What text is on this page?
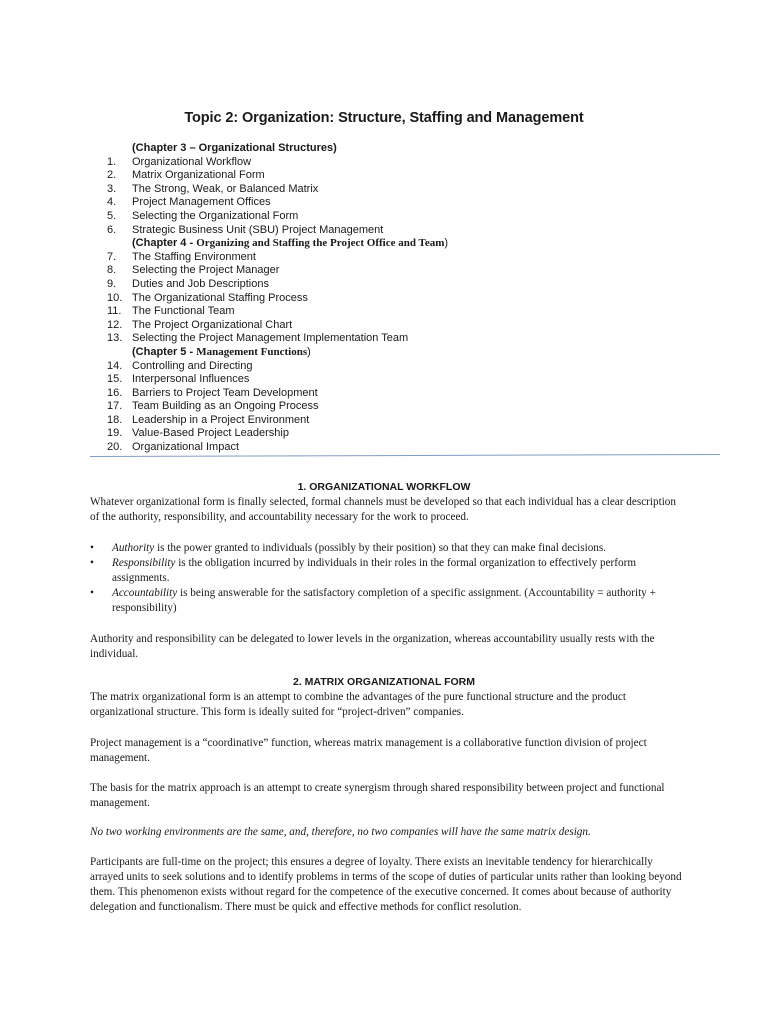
Topic 2: Organization: Structure, Staffing and Management
(Chapter 3 – Organizational Structures)
1. Organizational Workflow
2. Matrix Organizational Form
3. The Strong, Weak, or Balanced Matrix
4. Project Management Offices
5. Selecting the Organizational Form
6. Strategic Business Unit (SBU) Project Management
(Chapter 4 - Organizing and Staffing the Project Office and Team)
7. The Staffing Environment
8. Selecting the Project Manager
9. Duties and Job Descriptions
10. The Organizational Staffing Process
11. The Functional Team
12. The Project Organizational Chart
13. Selecting the Project Management Implementation Team
(Chapter 5 - Management Functions)
14. Controlling and Directing
15. Interpersonal Influences
16. Barriers to Project Team Development
17. Team Building as an Ongoing Process
18. Leadership in a Project Environment
19. Value-Based Project Leadership
20. Organizational Impact
1. ORGANIZATIONAL WORKFLOW
Whatever organizational form is finally selected, formal channels must be developed so that each individual has a clear description of the authority, responsibility, and accountability necessary for the work to proceed.
• Authority is the power granted to individuals (possibly by their position) so that they can make final decisions.
• Responsibility is the obligation incurred by individuals in their roles in the formal organization to effectively perform assignments.
• Accountability is being answerable for the satisfactory completion of a specific assignment. (Accountability = authority + responsibility)
Authority and responsibility can be delegated to lower levels in the organization, whereas accountability usually rests with the individual.
2. MATRIX ORGANIZATIONAL FORM
The matrix organizational form is an attempt to combine the advantages of the pure functional structure and the product organizational structure. This form is ideally suited for “project-driven” companies.
Project management is a “coordinative” function, whereas matrix management is a collaborative function division of project management.
The basis for the matrix approach is an attempt to create synergism through shared responsibility between project and functional management.
No two working environments are the same, and, therefore, no two companies will have the same matrix design.
Participants are full-time on the project; this ensures a degree of loyalty. There exists an inevitable tendency for hierarchically arrayed units to seek solutions and to identify problems in terms of the scope of duties of particular units rather than looking beyond them. This phenomenon exists without regard for the competence of the executive concerned. It comes about because of authority delegation and functionalism. There must be quick and effective methods for conflict resolution.
